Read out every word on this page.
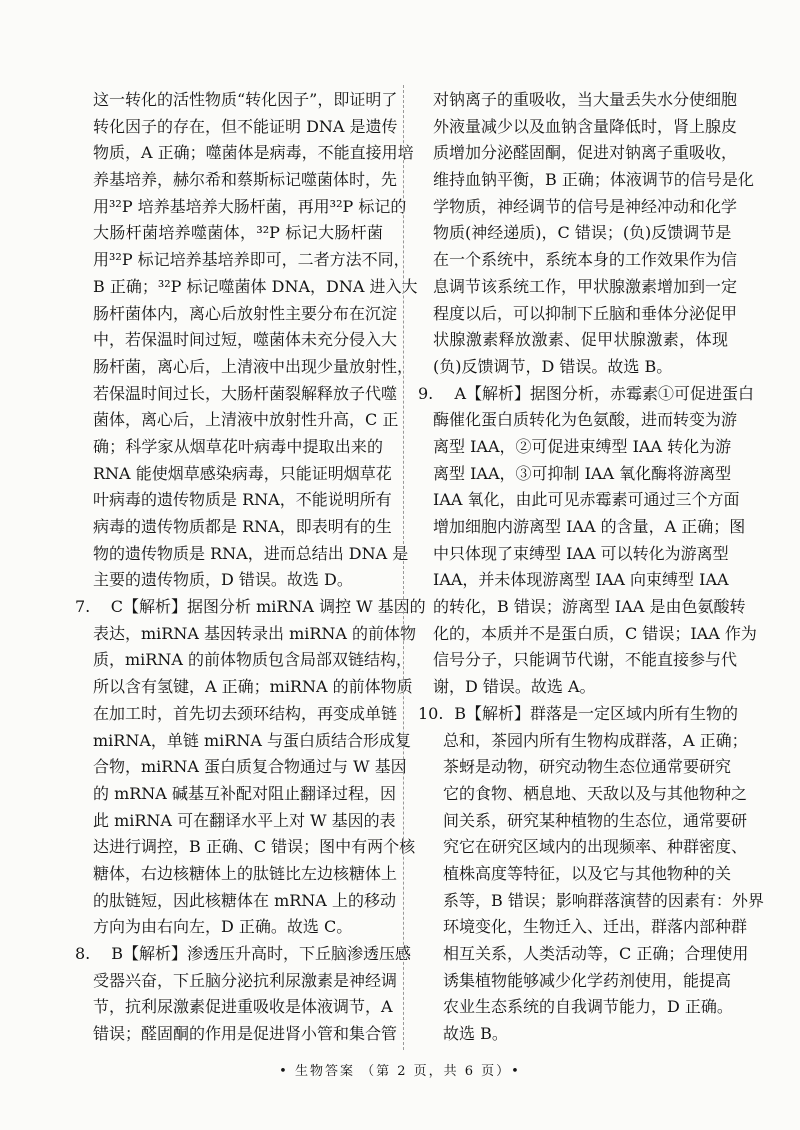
这一转化的活性物质“转化因子”，即证明了
转化因子的存在，但不能证明 DNA 是遗传
物质，A 正确；噬菌体是病毒，不能直接用培
养基培养，赫尔希和蔡斯标记噬菌体时，先
用³²P 培养基培养大肠杆菌，再用³²P 标记的
大肠杆菌培养噬菌体，³²P 标记大肠杆菌
用³²P 标记培养基培养即可，二者方法不同，
B 正确；³²P 标记噬菌体 DNA，DNA 进入大
肠杆菌体内，离心后放射性主要分布在沉淀
中，若保温时间过短，噬菌体未充分侵入大
肠杆菌，离心后，上清液中出现少量放射性，
若保温时间过长，大肠杆菌裂解释放子代噬
菌体，离心后，上清液中放射性升高，C 正
确；科学家从烟草花叶病毒中提取出来的
RNA 能使烟草感染病毒，只能证明烟草花
叶病毒的遗传物质是 RNA，不能说明所有
病毒的遗传物质都是 RNA，即表明有的生
物的遗传物质是 RNA，进而总结出 DNA 是
主要的遗传物质，D 错误。故选 D。
7. C 【解析】据图分析 miRNA 调控 W 基因的
表达，miRNA 基因转录出 miRNA 的前体物
质，miRNA 的前体物质包含局部双链结构，
所以含有氢键，A 正确；miRNA 的前体物质
在加工时，首先切去颈环结构，再变成单链
miRNA，单链 miRNA 与蛋白质结合形成复
合物，miRNA 蛋白质复合物通过与 W 基因
的 mRNA 碱基互补配对阻止翻译过程，因
此 miRNA 可在翻译水平上对 W 基因的表
达进行调控，B 正确、C 错误；图中有两个核
糖体，右边核糖体上的肽链比左边核糖体上
的肽链短，因此核糖体在 mRNA 上的移动
方向为由右向左，D 正确。故选 C。
8. B 【解析】渗透压升高时，下丘脑渗透压感
受器兴奋，下丘脑分泌抗利尿激素是神经调
节，抗利尿激素促进重吸收是体液调节，A
错误；醛固酮的作用是促进肾小管和集合管
对钠离子的重吸收，当大量丢失水分使细胞
外液量减少以及血钠含量降低时，肾上腺皮
质增加分泌醛固酮，促进对钠离子重吸收，
维持血钠平衡，B 正确；体液调节的信号是化
学物质，神经调节的信号是神经冲动和化学
物质(神经递质)，C 错误；(负)反馈调节是
在一个系统中，系统本身的工作效果作为信
息调节该系统工作，甲状腺激素增加到一定
程度以后，可以抑制下丘脑和垂体分泌促甲
状腺激素释放激素、促甲状腺激素，体现
(负)反馈调节，D 错误。故选 B。
9. A 【解析】据图分析，赤霉素①可促进蛋白
酶催化蛋白质转化为色氨酸，进而转变为游
离型 IAA，②可促进束缚型 IAA 转化为游
离型 IAA，③可抑制 IAA 氧化酶将游离型
IAA 氧化，由此可见赤霉素可通过三个方面
增加细胞内游离型 IAA 的含量，A 正确；图
中只体现了束缚型 IAA 可以转化为游离型
IAA，并未体现游离型 IAA 向束缚型 IAA
的转化，B 错误；游离型 IAA 是由色氨酸转
化的，本质并不是蛋白质，C 错误；IAA 作为
信号分子，只能调节代谢，不能直接参与代
谢，D 错误。故选 A。
10. B 【解析】群落是一定区域内所有生物的
总和，茶园内所有生物构成群落，A 正确；
茶蚜是动物，研究动物生态位通常要研究
它的食物、栖息地、天敌以及与其他物种之
间关系，研究某种植物的生态位，通常要研
究它在研究区域内的出现频率、种群密度、
植株高度等特征，以及它与其他物种的关
系等，B 错误；影响群落演替的因素有：外界
环境变化，生物迁入、迁出，群落内部种群
相互关系，人类活动等，C 正确；合理使用
诱集植物能够减少化学药剂使用，能提高
农业生态系统的自我调节能力，D 正确。
故选 B。
• 生物答案 （第 2 页，共 6 页）•
